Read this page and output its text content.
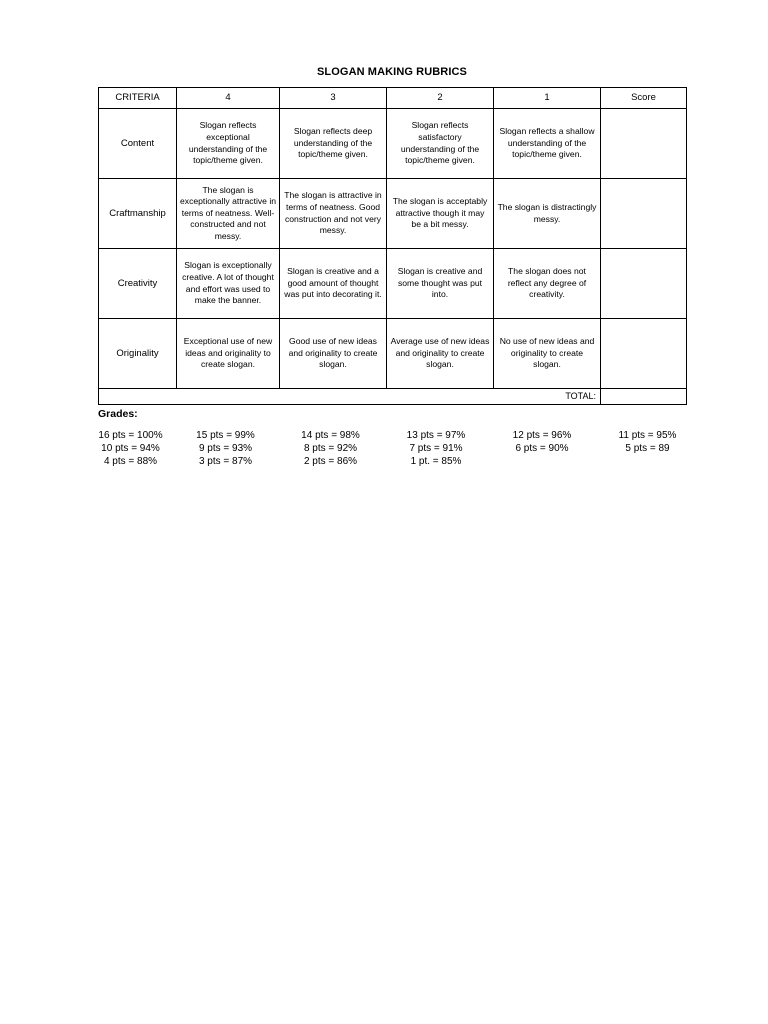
SLOGAN MAKING RUBRICS
CRITERIA	4	3	2	1	Score
Content	Slogan reflects exceptional understanding of the topic/theme given.	Slogan reflects deep understanding of the topic/theme given.	Slogan reflects satisfactory understanding of the topic/theme given.	Slogan reflects a shallow understanding of the topic/theme given.	
Craftmanship	The slogan is exceptionally attractive in terms of neatness. Well-constructed and not messy.	The slogan is attractive in terms of neatness. Good construction and not very messy.	The slogan is acceptably attractive though it may be a bit messy.	The slogan is distractingly messy.	
Creativity	Slogan is exceptionally creative. A lot of thought and effort was used to make the banner.	Slogan is creative and a good amount of thought was put into decorating it.	Slogan is creative and some thought was put into.	The slogan does not reflect any degree of creativity.	
Originality	Exceptional use of new ideas and originality to create slogan.	Good use of new ideas and originality to create slogan.	Average use of new ideas and originality to create slogan.	No use of new ideas and originality to create slogan.	
TOTAL:					
Grades:
16 pts = 100%	15 pts = 99%	14 pts = 98%	13 pts = 97%	12 pts = 96%	11 pts = 95%
10 pts = 94%	9 pts = 93%	8 pts = 92%	7 pts = 91%	6 pts = 90%	5 pts = 89
4 pts = 88%	3 pts = 87%	2 pts = 86%	1 pt. = 85%
